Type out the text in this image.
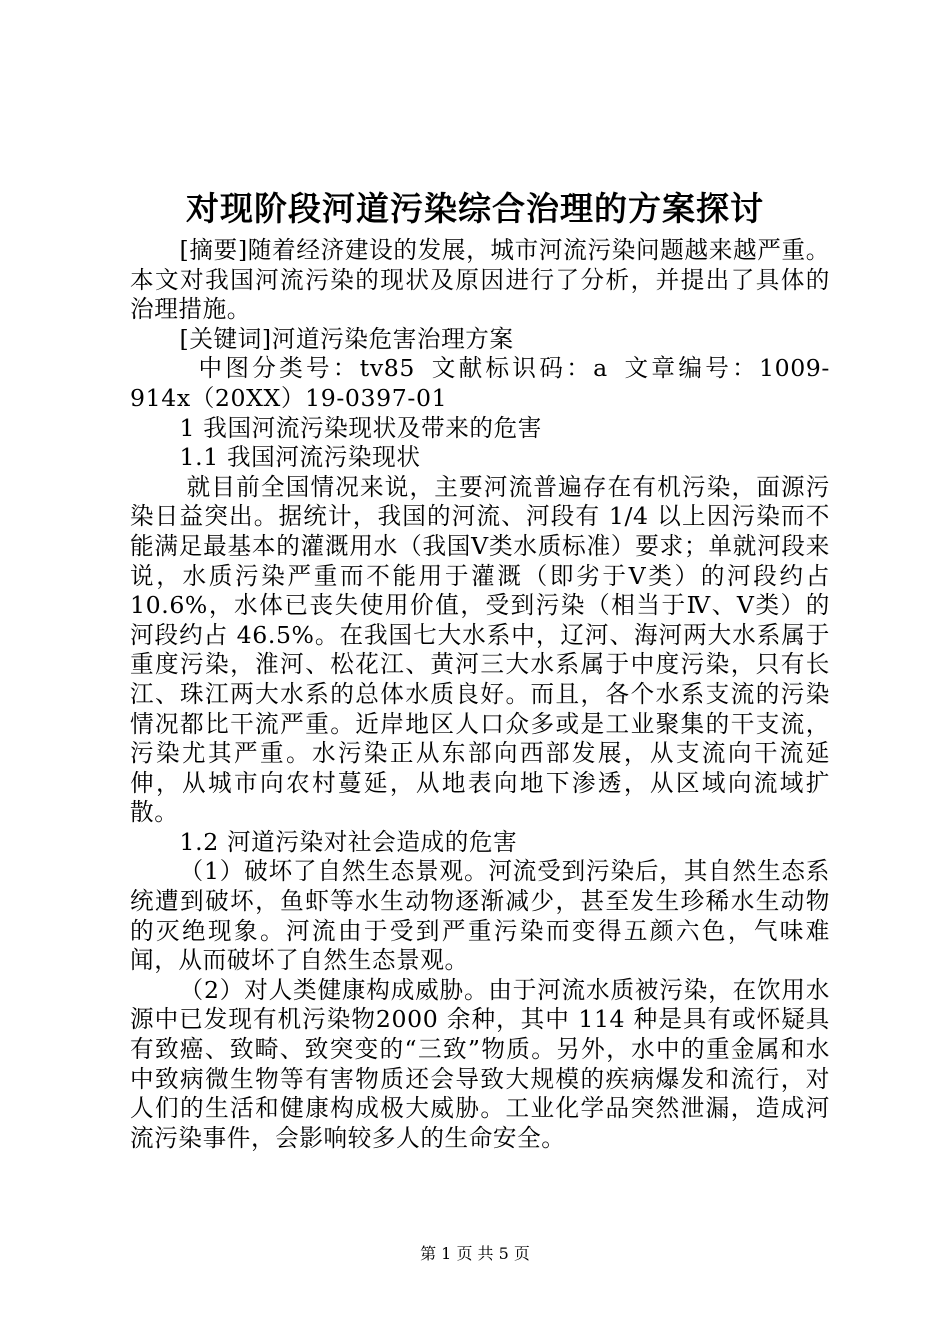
对现阶段河道污染综合治理的方案探讨

[摘要]随着经济建设的发展，城市河流污染问题越来越严重。本文对我国河流污染的现状及原因进行了分析，并提出了具体的治理措施。

[关键词]河道污染危害治理方案

中图分类号：tv85 文献标识码：a 文章编号：1009-914x（20XX）19-0397-01

1 我国河流污染现状及带来的危害

1.1 我国河流污染现状

就目前全国情况来说，主要河流普遍存在有机污染，面源污染日益突出。据统计，我国的河流、河段有 1/4 以上因污染而不能满足最基本的灌溉用水（我国Ⅴ类水质标准）要求；单就河段来说，水质污染严重而不能用于灌溉（即劣于Ⅴ类）的河段约占 10.6%，水体已丧失使用价值，受到污染（相当于Ⅳ、Ⅴ类）的河段约占 46.5%。在我国七大水系中，辽河、海河两大水系属于重度污染，淮河、松花江、黄河三大水系属于中度污染，只有长江、珠江两大水系的总体水质良好。而且，各个水系支流的污染情况都比干流严重。近岸地区人口众多或是工业聚集的干支流，污染尤其严重。水污染正从东部向西部发展，从支流向干流延伸，从城市向农村蔓延，从地表向地下渗透，从区域向流域扩散。

1.2 河道污染对社会造成的危害

（1）破坏了自然生态景观。河流受到污染后，其自然生态系统遭到破坏，鱼虾等水生动物逐渐减少，甚至发生珍稀水生动物的灭绝现象。河流由于受到严重污染而变得五颜六色，气味难闻，从而破坏了自然生态景观。

（2）对人类健康构成威胁。由于河流水质被污染，在饮用水源中已发现有机污染物2000 余种，其中 114 种是具有或怀疑具有致癌、致畸、致突变的“三致”物质。另外，水中的重金属和水中致病微生物等有害物质还会导致大规模的疾病爆发和流行，对人们的生活和健康构成极大威胁。工业化学品突然泄漏，造成河流污染事件，会影响较多人的生命安全。

第 1 页 共 5 页
